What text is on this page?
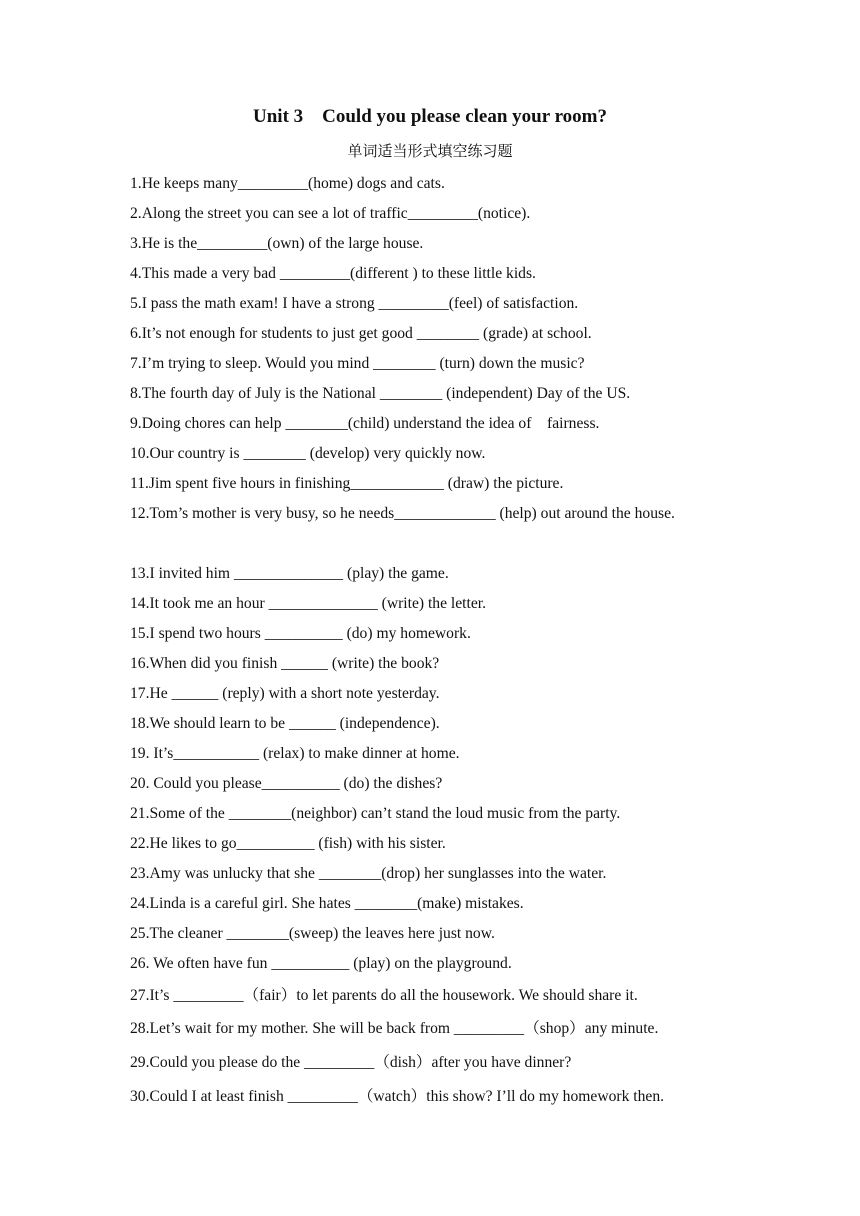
Unit 3    Could you please clean your room?
单词适当形式填空练习题
1.He keeps many_________(home) dogs and cats.
2.Along the street you can see a lot of traffic_________(notice).
3.He is the_________(own) of the large house.
4.This made a very bad _________(different ) to these little kids.
5.I pass the math exam! I have a strong _________(feel) of satisfaction.
6.It’s not enough for students to just get good ________ (grade) at school.
7.I’m trying to sleep. Would you mind ________ (turn) down the music?
8.The fourth day of July is the National ________ (independent) Day of the US.
9.Doing chores can help ________(child) understand the idea of    fairness.
10.Our country is ________ (develop) very quickly now.
11.Jim spent five hours in finishing____________ (draw) the picture.
12.Tom’s mother is very busy, so he needs_____________ (help) out around the house.
13.I invited him ______________ (play) the game.
14.It took me an hour ______________ (write) the letter.
15.I spend two hours __________ (do) my homework.
16.When did you finish ______ (write) the book?
17.He ______ (reply) with a short note yesterday.
18.We should learn to be ______ (independence).
19. It’s___________ (relax) to make dinner at home.
20. Could you please__________ (do) the dishes?
21.Some of the ________(neighbor) can’t stand the loud music from the party.
22.He likes to go__________ (fish) with his sister.
23.Amy was unlucky that she ________(drop) her sunglasses into the water.
24.Linda is a careful girl. She hates ________(make) mistakes.
25.The cleaner ________(sweep) the leaves here just now.
26. We often have fun __________ (play) on the playground.
27.It’s _________（fair）to let parents do all the housework. We should share it.
28.Let’s wait for my mother. She will be back from _________（shop）any minute.
29.Could you please do the _________（dish）after you have dinner?
30.Could I at least finish _________（watch）this show? I’ll do my homework then.
